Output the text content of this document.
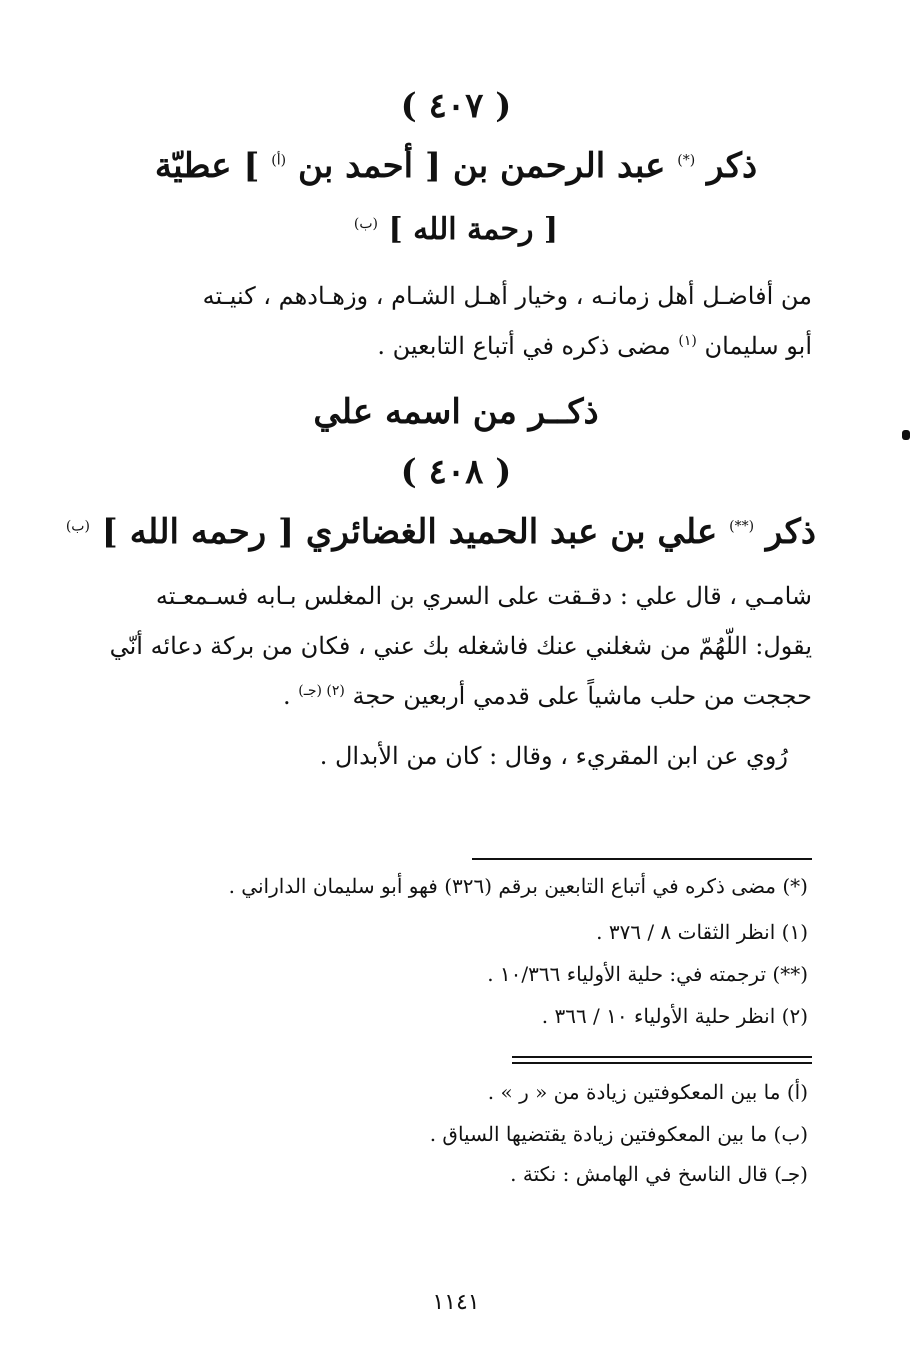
( ٤٠٧ )
ذكر (*) عبد الرحمن بن [ أحمد بن $^{(أ)}$ ] عطيّة
[ رحمة الله ] $^{(ب)}$
من أفاضـل أهل زمانـه ، وخيار أهـل الشـام ، وزهـادهم ، كنيـته
أبو سليمان $^{(١)}$ مضى ذكره في أتباع التابعين .
ذكــر من اسمه علي
( ٤٠٨ )
ذكر (**) علي بن عبد الحميد الغضائري [ رحمه الله ] $^{(ب)}$
شامـي ، قال علي : دقـقت على السري بن المغلس بـابه فسـمعـته
يقول: اللّهُمّ من شغلني عنك فاشغله بك عني ، فكان من بركة دعائه أنّي
حججت من حلب ماشياً على قدمي أربعين حجة $^{(٢) (جـ)}$ .
رُوي عن ابن المقريء ، وقال : كان من الأبدال .
(*) مضى ذكره في أتباع التابعين برقم (٣٢٦) فهو أبو سليمان الداراني .
(١) انظر الثقات ٨ / ٣٧٦ .
(**) ترجمته في: حلية الأولياء ١٠/٣٦٦ .
(٢) انظر حلية الأولياء ١٠ / ٣٦٦ .
(أ) ما بين المعكوفتين زيادة من « ر » .
(ب) ما بين المعكوفتين زيادة يقتضيها السياق .
(جـ) قال الناسخ في الهامش : نكتة .
١١٤١
